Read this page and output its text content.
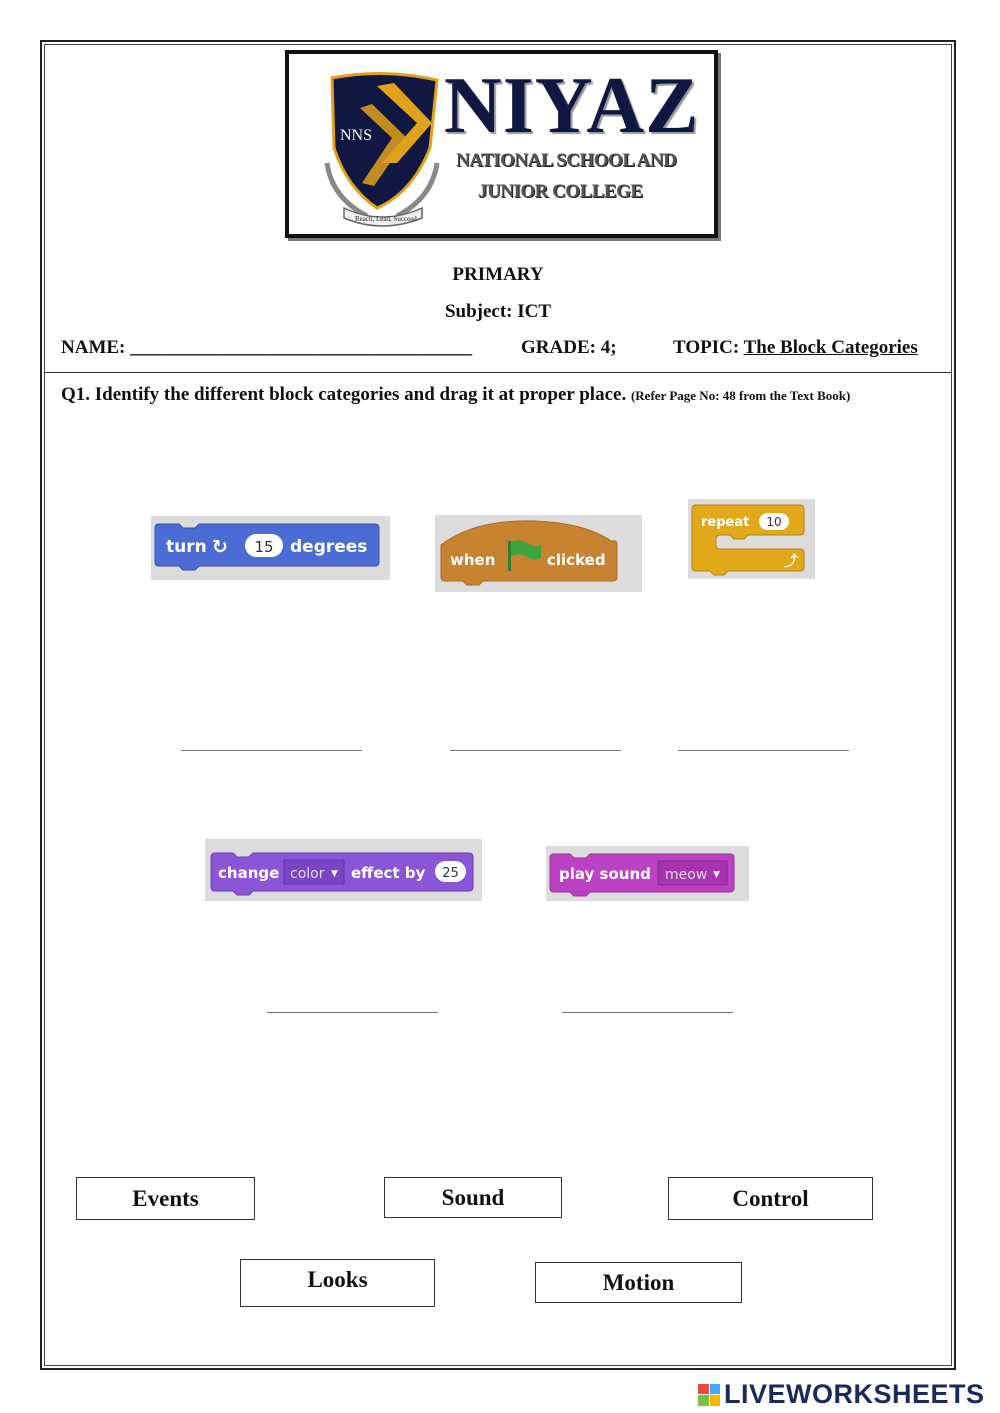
NNS
Reach, Lead, Succeed
NIYAZ
NATIONAL SCHOOL AND
JUNIOR COLLEGE
PRIMARY
Subject: ICT
NAME: ____________________________________	GRADE: 4;	TOPIC: The Block Categories
Q1. Identify the different block categories and drag it at proper place. (Refer Page No: 48 from the Text Book)
turn ↻ 15 degrees
when	clicked
repeat 10
⤴
change color ▼ effect by 25	play sound meow ▼
Events	Sound	Control
Looks	Motion
LIVEWORKSHEETS
